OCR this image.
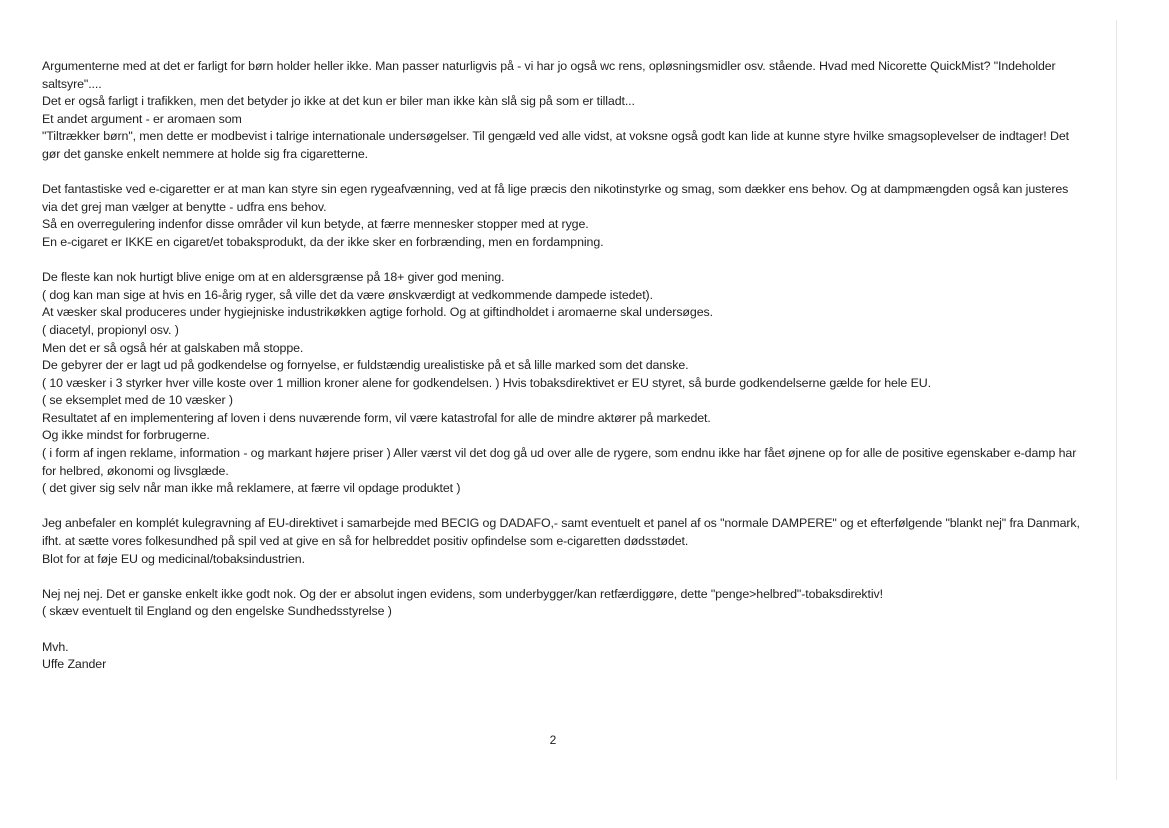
Argumenterne med at det er farligt for børn holder heller ikke. Man passer naturligvis på - vi har jo også wc rens, opløsningsmidler osv. stående. Hvad med Nicorette QuickMist? "Indeholder saltsyre"....
Det er også farligt i trafikken, men det betyder jo ikke at det kun er biler man ikke kàn slå sig på som er tilladt...
Et andet argument - er aromaen som
"Tiltrækker børn", men dette er modbevist i talrige internationale undersøgelser. Til gengæld ved alle vidst, at voksne også godt kan lide at kunne styre hvilke smagsoplevelser de indtager! Det gør det ganske enkelt nemmere at holde sig fra cigaretterne.
Det fantastiske ved e-cigaretter er at man kan styre sin egen rygeafvænning, ved at få lige præcis den nikotinstyrke og smag, som dækker ens behov. Og at dampmængden også kan justeres via det grej man vælger at benytte - udfra ens behov.
Så en overregulering indenfor disse områder vil kun betyde, at færre mennesker stopper med at ryge.
En e-cigaret er IKKE en cigaret/et tobaksprodukt, da der ikke sker en forbrænding, men en fordampning.
De fleste kan nok hurtigt blive enige om at en aldersgrænse på 18+ giver god mening.
( dog kan man sige at hvis en 16-årig ryger, så ville det da være ønskværdigt at vedkommende dampede istedet).
At væsker skal produceres under hygiejniske industrikøkken agtige forhold. Og at giftindholdet i aromaerne skal undersøges.
( diacetyl, propionyl osv. )
Men det er så også hér at galskaben må stoppe.
De gebyrer der er lagt ud på godkendelse og fornyelse, er fuldstændig urealistiske på et så lille marked som det danske.
( 10 væsker i 3 styrker hver ville koste over 1 million kroner alene for godkendelsen. ) Hvis tobaksdirektivet er EU styret, så burde godkendelserne gælde for hele EU.
( se eksemplet med de 10 væsker )
Resultatet af en implementering af loven i dens nuværende form, vil være katastrofal for alle de mindre aktører på markedet.
Og ikke mindst for forbrugerne.
( i form af ingen reklame, information - og markant højere priser ) Aller værst vil det dog gå ud over alle de rygere, som endnu ikke har fået øjnene op for alle de positive egenskaber e-damp har for helbred, økonomi og livsglæde.
( det giver sig selv når man ikke må reklamere, at færre vil opdage produktet )
Jeg anbefaler en komplét kulegravning af EU-direktivet i samarbejde med BECIG og DADAFO,- samt eventuelt et panel af os "normale DAMPERE" og et efterfølgende "blankt nej" fra Danmark, ifht. at sætte vores folkesundhed på spil ved at give en så for helbreddet positiv opfindelse som e-cigaretten dødsstødet.
Blot for at føje EU og medicinal/tobaksindustrien.
Nej nej nej. Det er ganske enkelt ikke godt nok. Og der er absolut ingen evidens, som underbygger/kan retfærdiggøre, dette "penge>helbred"-tobaksdirektiv!
( skæv eventuelt til England og den engelske Sundhedsstyrelse )
Mvh.
Uffe Zander
2
